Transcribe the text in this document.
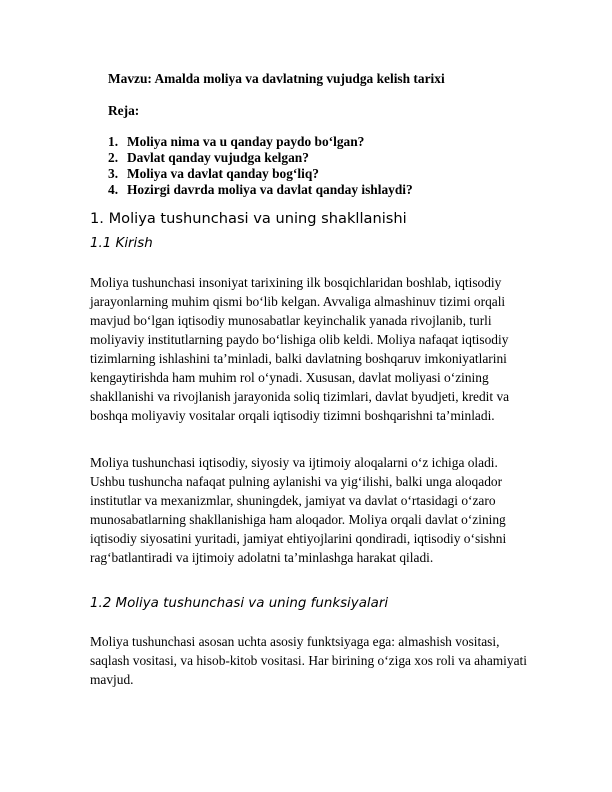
Mavzu: Amalda moliya va davlatning vujudga kelish tarixi

Reja:

1. Moliya nima va u qanday paydo bo‘lgan?
2. Davlat qanday vujudga kelgan?
3. Moliya va davlat qanday bog‘liq?
4. Hozirgi davrda moliya va davlat qanday ishlaydi?
1. Moliya tushunchasi va uning shakllanishi
1.1 Kirish

Moliya tushunchasi insoniyat tarixining ilk bosqichlaridan boshlab, iqtisodiy jarayonlarning muhim qismi bo‘lib kelgan. Avvaliga almashinuv tizimi orqali mavjud bo‘lgan iqtisodiy munosabatlar keyinchalik yanada rivojlanib, turli moliyaviy institutlarning paydo bo‘lishiga olib keldi. Moliya nafaqat iqtisodiy tizimlarning ishlashini ta’minladi, balki davlatning boshqaruv imkoniyatlarini kengaytirishda ham muhim rol o‘ynadi. Xususan, davlat moliyasi o‘zining shakllanishi va rivojlanish jarayonida soliq tizimlari, davlat byudjeti, kredit va boshqa moliyaviy vositalar orqali iqtisodiy tizimni boshqarishni ta’minladi.

Moliya tushunchasi iqtisodiy, siyosiy va ijtimoiy aloqalarni o‘z ichiga oladi. Ushbu tushuncha nafaqat pulning aylanishi va yig‘ilishi, balki unga aloqador institutlar va mexanizmlar, shuningdek, jamiyat va davlat o‘rtasidagi o‘zaro munosabatlarning shakllanishiga ham aloqador. Moliya orqali davlat o‘zining iqtisodiy siyosatini yuritadi, jamiyat ehtiyojlarini qondiradi, iqtisodiy o‘sishni rag‘batlantiradi va ijtimoiy adolatni ta’minlashga harakat qiladi.

1.2 Moliya tushunchasi va uning funksiyalari

Moliya tushunchasi asosan uchta asosiy funktsiyaga ega: almashish vositasi, saqlash vositasi, va hisob-kitob vositasi. Har birining o‘ziga xos roli va ahamiyati mavjud.
